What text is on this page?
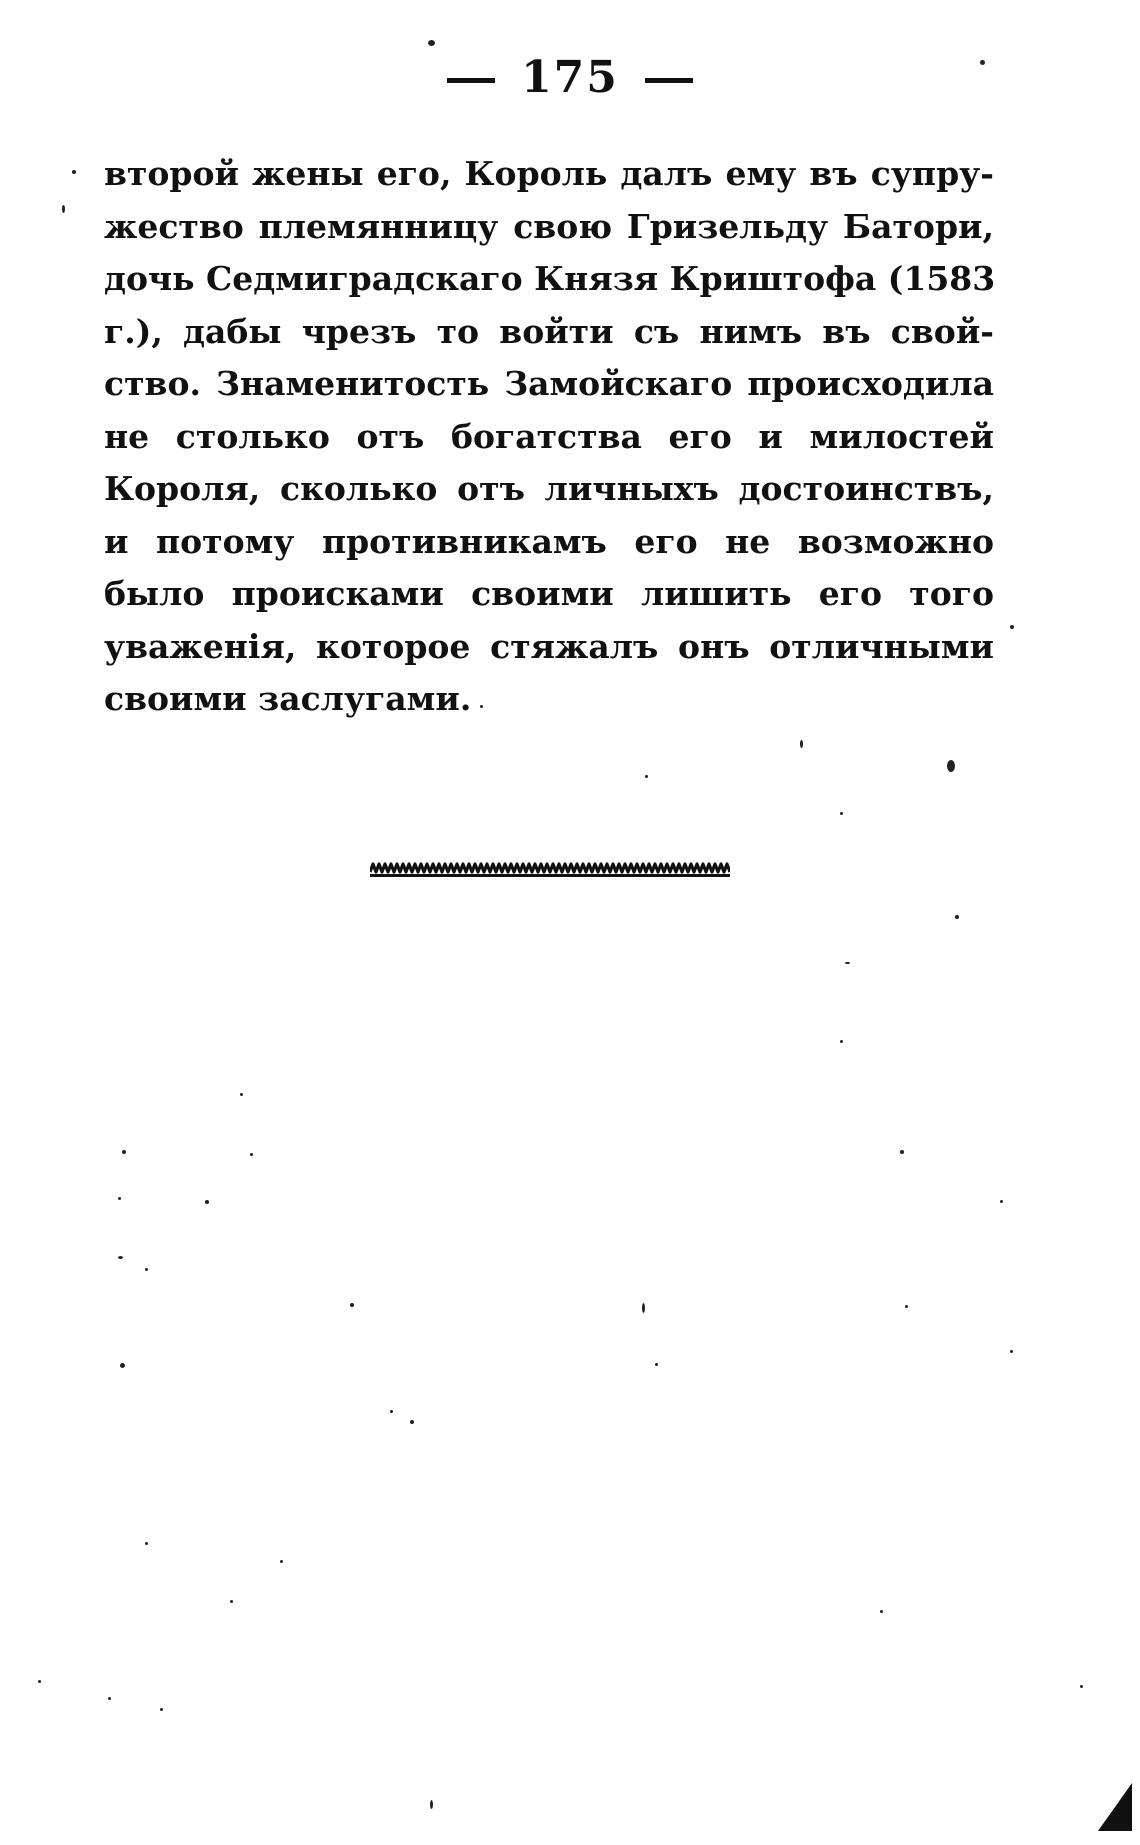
175
вторoй жены его, Король далъ ему въ супру-
жество племянницу свою Гризельду Батори,
дочь Седмиградскаго Князя Криштофа (1583
г.), дабы чрезъ то войти съ нимъ въ свой-
ство. Знаменитость Замойскаго происходила
не столько отъ богатства его и милостей
Короля, сколько отъ личныхъ достоинствъ,
и потому противникамъ его не возможно
было происками своими лишить его того
уваженія, которое стяжалъ онъ отличными
своими заслугами.
